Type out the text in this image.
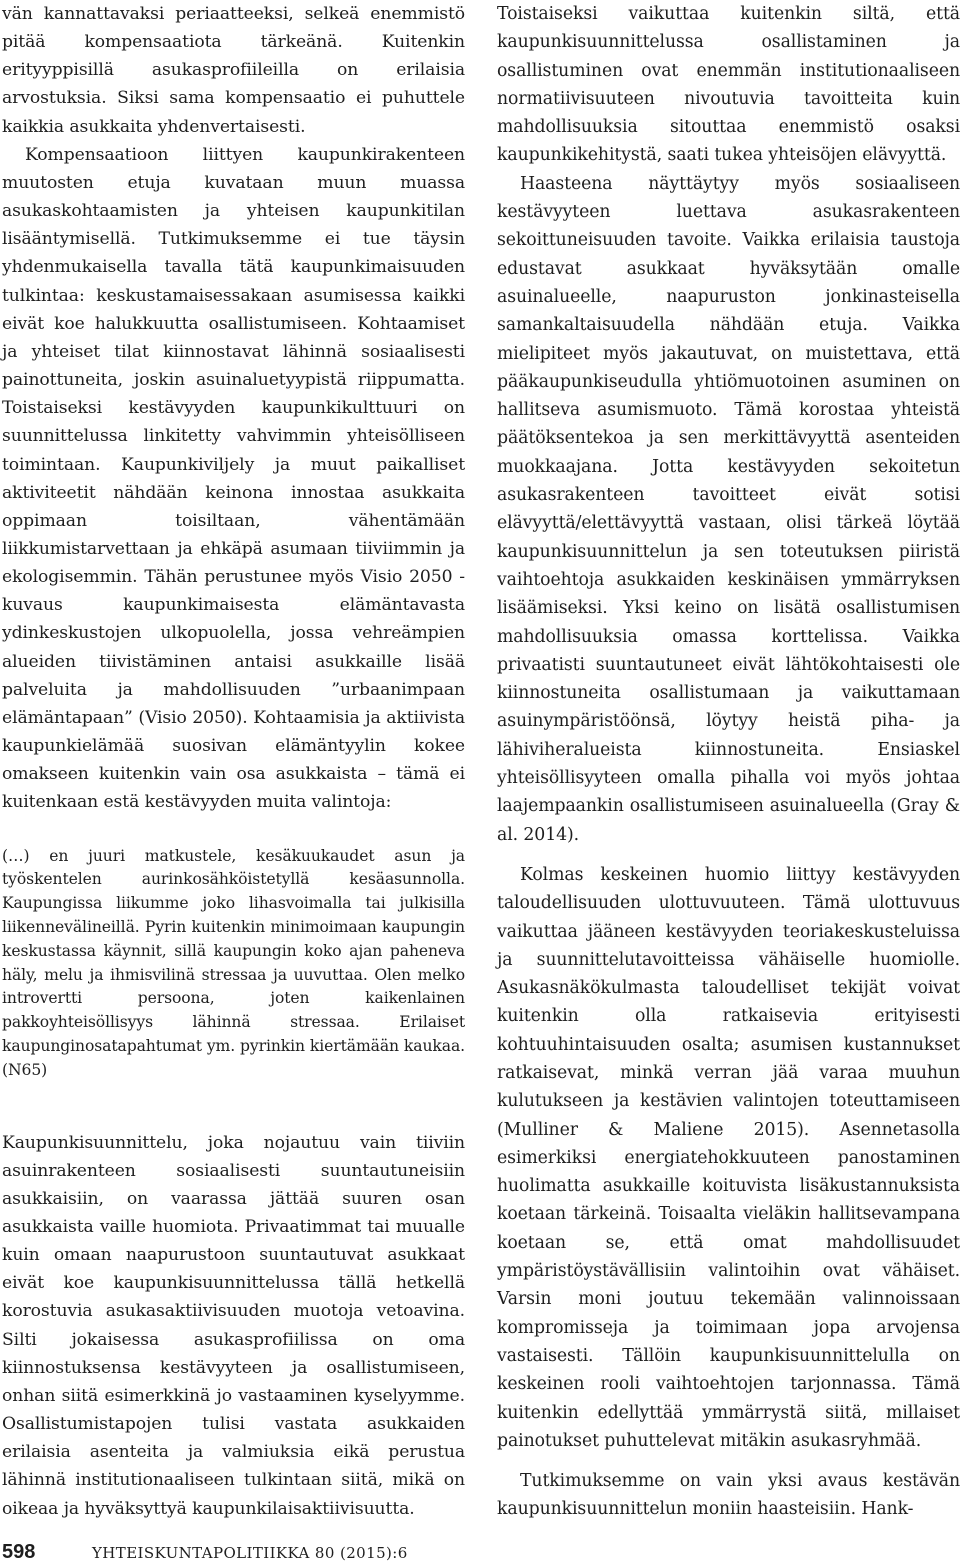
vän kannattavaksi periaatteeksi, selkeä enemmistö pitää kompensaatiota tärkeänä. Kuitenkin erityyppisillä asukasprofiileilla on erilaisia arvostuksia. Siksi sama kompensaatio ei puhuttele kaikkia asukkaita yhdenvertaisesti.

Kompensaatioon liittyen kaupunkirakenteen muutosten etuja kuvataan muun muassa asukaskohtaamisten ja yhteisen kaupunkitilan lisääntymisellä. Tutkimuksemme ei tue täysin yhdenmukaisella tavalla tätä kaupunkimaisuuden tulkintaa: keskustamaisessakaan asumisessa kaikki eivät koe halukkuutta osallistumiseen. Kohtaamiset ja yhteiset tilat kiinnostavat lähinnä sosiaalisesti painottuneita, joskin asuinaluetyypistä riippumatta. Toistaiseksi kestävyyden kaupunkikulttuuri on suunnittelussa linkitetty vahvimmin yhteisölliseen toimintaan. Kaupunkiviljely ja muut paikalliset aktiviteetit nähdään keinona innostaa asukkaita oppimaan toisiltaan, vähentämään liikkumistarvettaan ja ehkäpä asumaan tiiviimmin ja ekologisemmin. Tähän perustunee myös Visio 2050 -kuvaus kaupunkimaisesta elämäntavasta ydinkeskustojen ulkopuolella, jossa vehreämpien alueiden tiivistäminen antaisi asukkaille lisää palveluita ja mahdollisuuden ”urbaanimpaan elämäntapaan” (Visio 2050). Kohtaamisia ja aktiivista kaupunkielämää suosivan elämäntyylin kokee omakseen kuitenkin vain osa asukkaista – tämä ei kuitenkaan estä kestävyyden muita valintoja:

(…) en juuri matkustele, kesäkuukaudet asun ja työskentelen aurinkosähköistetyllä kesäasunnolla. Kaupungissa liikumme joko lihasvoimalla tai julkisilla liikennevälineillä. Pyrin kuitenkin minimoimaan kaupungin keskustassa käynnit, sillä kaupungin koko ajan paheneva häly, melu ja ihmisvilinä stressaa ja uuvuttaa. Olen melko introvertti persoona, joten kaikenlainen pakkoyhteisöllisyys lähinnä stressaa. Erilaiset kaupunginosatapahtumat ym. pyrinkin kiertämään kaukaa. (N65)

Kaupunkisuunnittelu, joka nojautuu vain tiiviin asuinrakenteen sosiaalisesti suuntautuneisiin asukkaisiin, on vaarassa jättää suuren osan asukkaista vaille huomiota. Privaatimmat tai muualle kuin omaan naapurustoon suuntautuvat asukkaat eivät koe kaupunkisuunnittelussa tällä hetkellä korostuvia asukasaktiivisuuden muotoja vetoavina. Silti jokaisessa asukasprofiilissa on oma kiinnostuksensa kestävyyteen ja osallistumiseen, onhan siitä esimerkkinä jo vastaaminen kyselyymme. Osallistumistapojen tulisi vastata asukkaiden erilaisia asenteita ja valmiuksia eikä perustua lähinnä institutionaaliseen tulkintaan siitä, mikä on oikeaa ja hyväksyttyä kaupunkilaisaktiivisuutta.

Toistaiseksi vaikuttaa kuitenkin siltä, että kaupunkisuunnittelussa osallistaminen ja osallistuminen ovat enemmän institutionaaliseen normatiivisuuteen nivoutuvia tavoitteita kuin mahdollisuuksia sitouttaa enemmistö osaksi kaupunkikehitystä, saati tukea yhteisöjen elävyyttä.

Haasteena näyttäytyy myös sosiaaliseen kestävyyteen luettava asukasrakenteen sekoittuneisuuden tavoite. Vaikka erilaisia taustoja edustavat asukkaat hyväksytään omalle asuinalueelle, naapuruston jonkinasteisella samankaltaisuudella nähdään etuja. Vaikka mielipiteet myös jakautuvat, on muistettava, että pääkaupunkiseudulla yhtiömuotoinen asuminen on hallitseva asumismuoto. Tämä korostaa yhteistä päätöksentekoa ja sen merkittävyyttä asenteiden muokkaajana. Jotta kestävyyden sekoitetun asukasrakenteen tavoitteet eivät sotisi elävyyttä/elettävyyttä vastaan, olisi tärkeä löytää kaupunkisuunnittelun ja sen toteutuksen piiristä vaihtoehtoja asukkaiden keskinäisen ymmärryksen lisäämiseksi. Yksi keino on lisätä osallistumisen mahdollisuuksia omassa korttelissa. Vaikka privaatisti suuntautuneet eivät lähtökohtaisesti ole kiinnostuneita osallistumaan ja vaikuttamaan asuinympäristöönsä, löytyy heistä piha- ja lähiviheralueista kiinnostuneita. Ensiaskel yhteisöllisyyteen omalla pihalla voi myös johtaa laajempaankin osallistumiseen asuinalueella (Gray & al. 2014).

Kolmas keskeinen huomio liittyy kestävyyden taloudellisuuden ulottuvuuteen. Tämä ulottuvuus vaikuttaa jääneen kestävyyden teoriakeskusteluissa ja suunnittelutavoitteissa vähäiselle huomiolle. Asukasnäkökulmasta taloudelliset tekijät voivat kuitenkin olla ratkaisevia erityisesti kohtuuhintaisuuden osalta; asumisen kustannukset ratkaisevat, minkä verran jää varaa muuhun kulutukseen ja kestävien valintojen toteuttamiseen (Mulliner & Maliene 2015). Asennetasolla esimerkiksi energiatehokkuuteen panostaminen huolimatta asukkaille koituvista lisäkustannuksista koetaan tärkeinä. Toisaalta vieläkin hallitsevampana koetaan se, että omat mahdollisuudet ympäristöystävällisiin valintoihin ovat vähäiset. Varsin moni joutuu tekemään valinnoissaan kompromisseja ja toimimaan jopa arvojensa vastaisesti. Tällöin kaupunkisuunnittelulla on keskeinen rooli vaihtoehtojen tarjonnassa. Tämä kuitenkin edellyttää ymmärrystä siitä, millaiset painotukset puhuttelevat mitäkin asukasryhmää.

Tutkimuksemme on vain yksi avaus kestävän kaupunkisuunnittelun moniin haasteisiin. Hank-

598	YHTEISKUNTAPOLITIIKKA 80 (2015):6
